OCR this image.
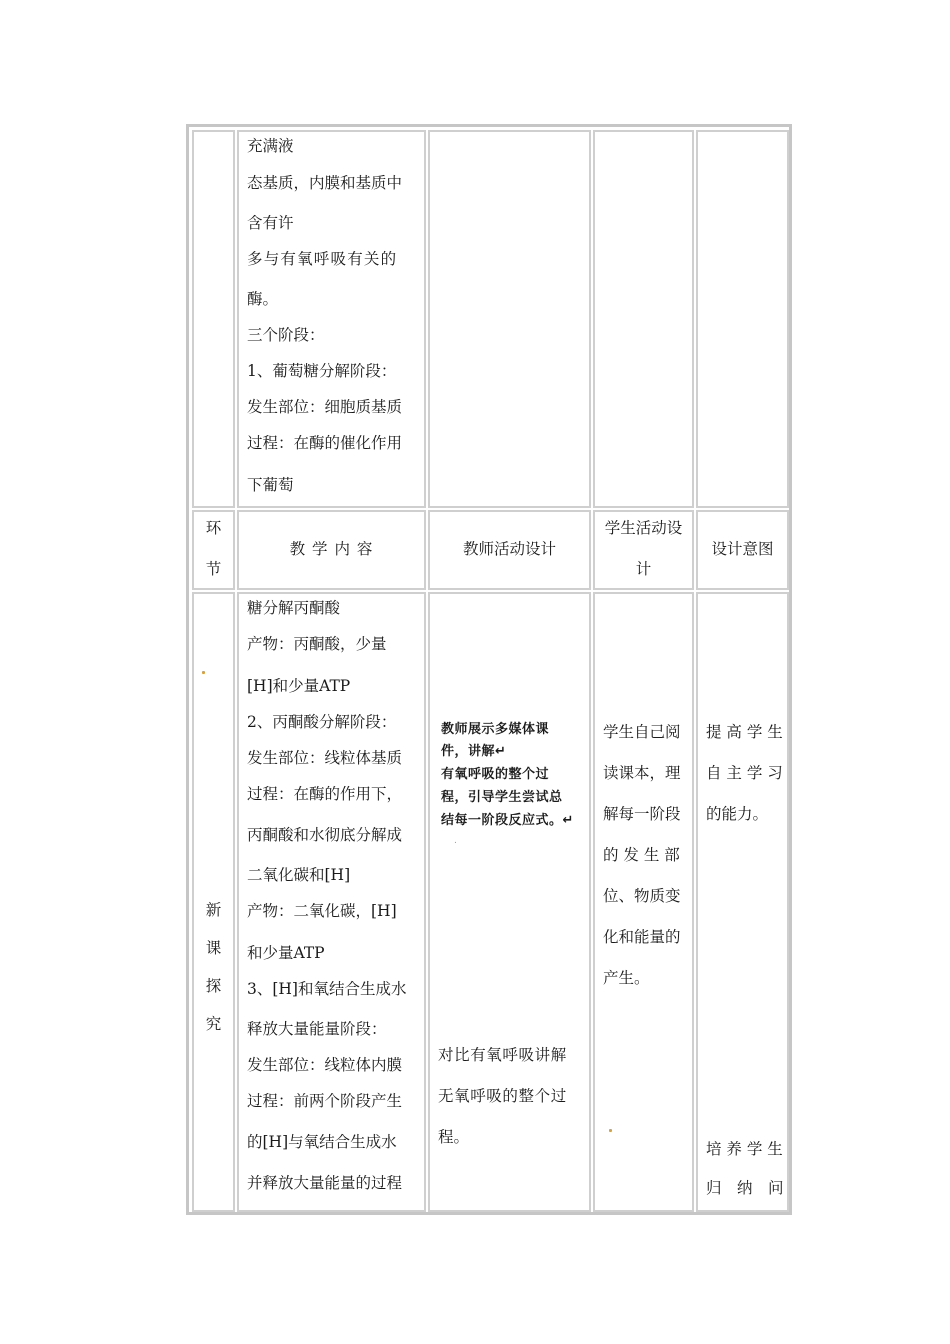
充满液
态基质，内膜和基质中
含有许
多与有氧呼吸有关的
酶。
三个阶段：
1、葡萄糖分解阶段：
发生部位：细胞质基质
过程：在酶的催化作用
下葡萄
环
节
教 学 内 容	教师活动设计
学生活动设
计
设计意图
新
课
探
究
糖分解丙酮酸
产物：丙酮酸，少量
[H]和少量ATP
2、丙酮酸分解阶段：
发生部位：线粒体基质
过程：在酶的作用下，
丙酮酸和水彻底分解成
二氧化碳和[H]
产物：二氧化碳，[H]
和少量ATP
3、[H]和氧结合生成水
释放大量能量阶段：
发生部位：线粒体内膜
过程：前两个阶段产生
的[H]与氧结合生成水
并释放大量能量的过程
教师展示多媒体课
件，讲解↵
有氧呼吸的整个过
程，引导学生尝试总
结每一阶段反应式。↵
.
对比有氧呼吸讲解
无氧呼吸的整个过
程。
学生自己阅
读课本，理
解每一阶段
的 发 生 部
位、物质变
化和能量的
产生。
提 高 学 生
自 主 学 习
的能力。
培 养 学 生
归　纳　问
